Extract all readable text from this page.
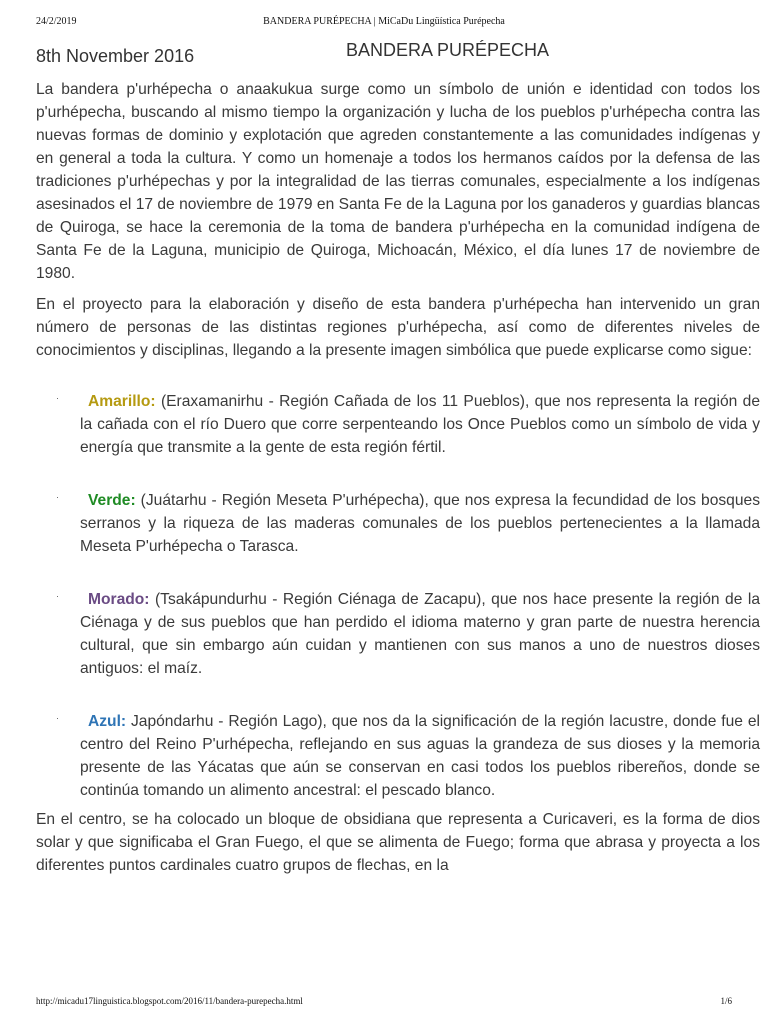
24/2/2019	BANDERA PURÉPECHA | MiCaDu Lingüística Purépecha
8th November 2016	BANDERA PURÉPECHA

La bandera p'urhépecha o anaakukua surge como un símbolo de unión e identidad con todos los p'urhépecha, buscando al mismo tiempo la organización y lucha de los pueblos p'urhépecha contra las nuevas formas de dominio y explotación que agreden constantemente a las comunidades indígenas y en general a toda la cultura. Y como un homenaje a todos los hermanos caídos por la defensa de las tradiciones p'urhépechas y por la integralidad de las tierras comunales, especialmente a los indígenas asesinados el 17 de noviembre de 1979 en Santa Fe de la Laguna por los ganaderos y guardias blancas de Quiroga, se hace la ceremonia de la toma de bandera p'urhépecha en la comunidad indígena de Santa Fe de la Laguna, municipio de Quiroga, Michoacán, México, el día lunes 17 de noviembre de 1980.

En el proyecto para la elaboración y diseño de esta bandera p'urhépecha han intervenido un gran número de personas de las distintas regiones p'urhépecha, así como de diferentes niveles de conocimientos y disciplinas, llegando a la presente imagen simbólica que puede explicarse como sigue:

· Amarillo: (Eraxamanirhu - Región Cañada de los 11 Pueblos), que nos representa la región de la cañada con el río Duero que corre serpenteando los Once Pueblos como un símbolo de vida y energía que transmite a la gente de esta región fértil.
· Verde: (Juátarhu - Región Meseta P'urhépecha), que nos expresa la fecundidad de los bosques serranos y la riqueza de las maderas comunales de los pueblos pertenecientes a la llamada Meseta P'urhépecha o Tarasca.
· Morado: (Tsakápundurhu - Región Ciénaga de Zacapu), que nos hace presente la región de la Ciénaga y de sus pueblos que han perdido el idioma materno y gran parte de nuestra herencia cultural, que sin embargo aún cuidan y mantienen con sus manos a uno de nuestros dioses antiguos: el maíz.
· Azul: Japóndarhu - Región Lago), que nos da la significación de la región lacustre, donde fue el centro del Reino P'urhépecha, reflejando en sus aguas la grandeza de sus dioses y la memoria presente de las Yácatas que aún se conservan en casi todos los pueblos ribereños, donde se continúa tomando un alimento ancestral: el pescado blanco.

En el centro, se ha colocado un bloque de obsidiana que representa a Curicaveri, es la forma de dios solar y que significaba el Gran Fuego, el que se alimenta de Fuego; forma que abrasa y proyecta a los diferentes puntos cardinales cuatro grupos de flechas, en la

http://micadu17linguistica.blogspot.com/2016/11/bandera-purepecha.html	1/6
